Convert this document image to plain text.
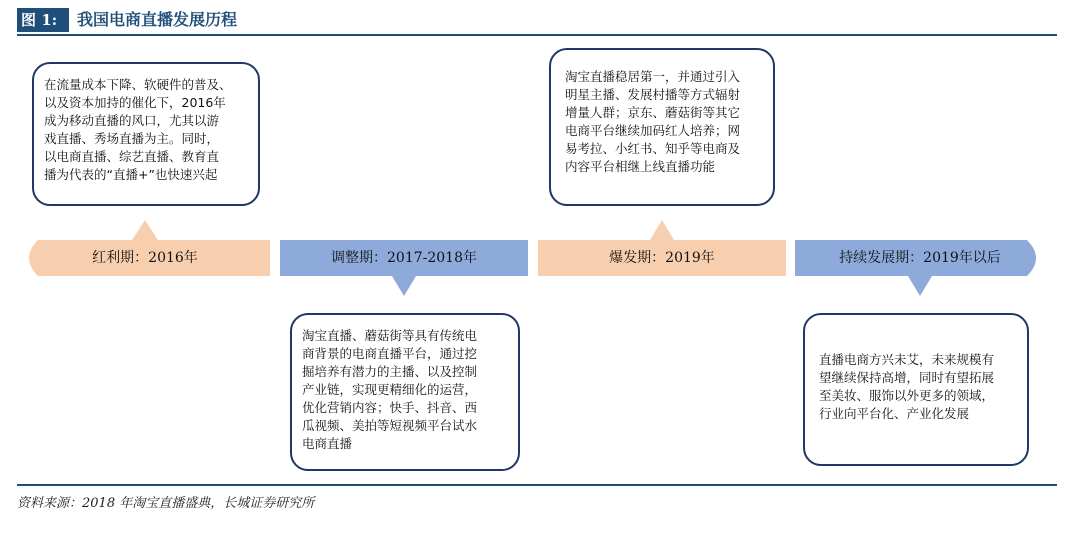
图 1:	我国电商直播发展历程
在流量成本下降、软硬件的普及、
以及资本加持的催化下，2016年
成为移动直播的风口，尤其以游
戏直播、秀场直播为主。同时，
以电商直播、综艺直播、教育直
播为代表的“直播+”也快速兴起
淘宝直播稳居第一，并通过引入
明星主播、发展村播等方式辐射
增量人群；京东、蘑菇街等其它
电商平台继续加码红人培养；网
易考拉、小红书、知乎等电商及
内容平台相继上线直播功能
红利期：2016年	调整期：2017-2018年	爆发期：2019年	持续发展期：2019年以后
淘宝直播、蘑菇街等具有传统电
商背景的电商直播平台，通过挖
掘培养有潜力的主播、以及控制
产业链，实现更精细化的运营，
优化营销内容；快手、抖音、西
瓜视频、美拍等短视频平台试水
电商直播
直播电商方兴未艾，未来规模有
望继续保持高增，同时有望拓展
至美妆、服饰以外更多的领域，
行业向平台化、产业化发展
资料来源：2018 年淘宝直播盛典，长城证券研究所
